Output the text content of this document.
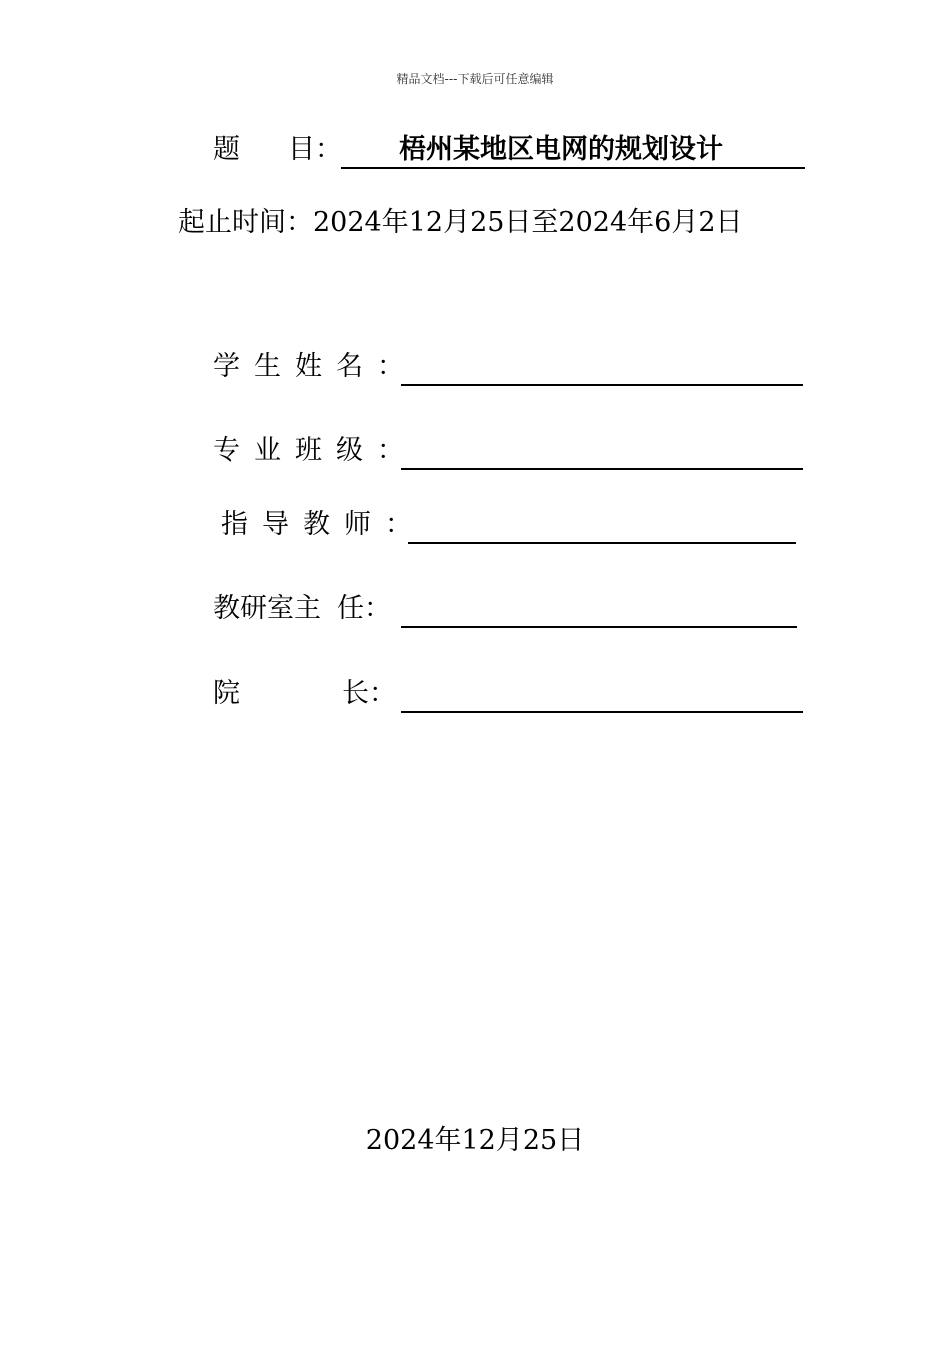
精品文档---下载后可任意编辑
题 目： 梧州某地区电网的规划设计
起止时间：2024年12月25日至2024年6月2日
学生姓名：
专业班级：
指导教师：
教研室主 任：
院	长：
2024年12月25日
